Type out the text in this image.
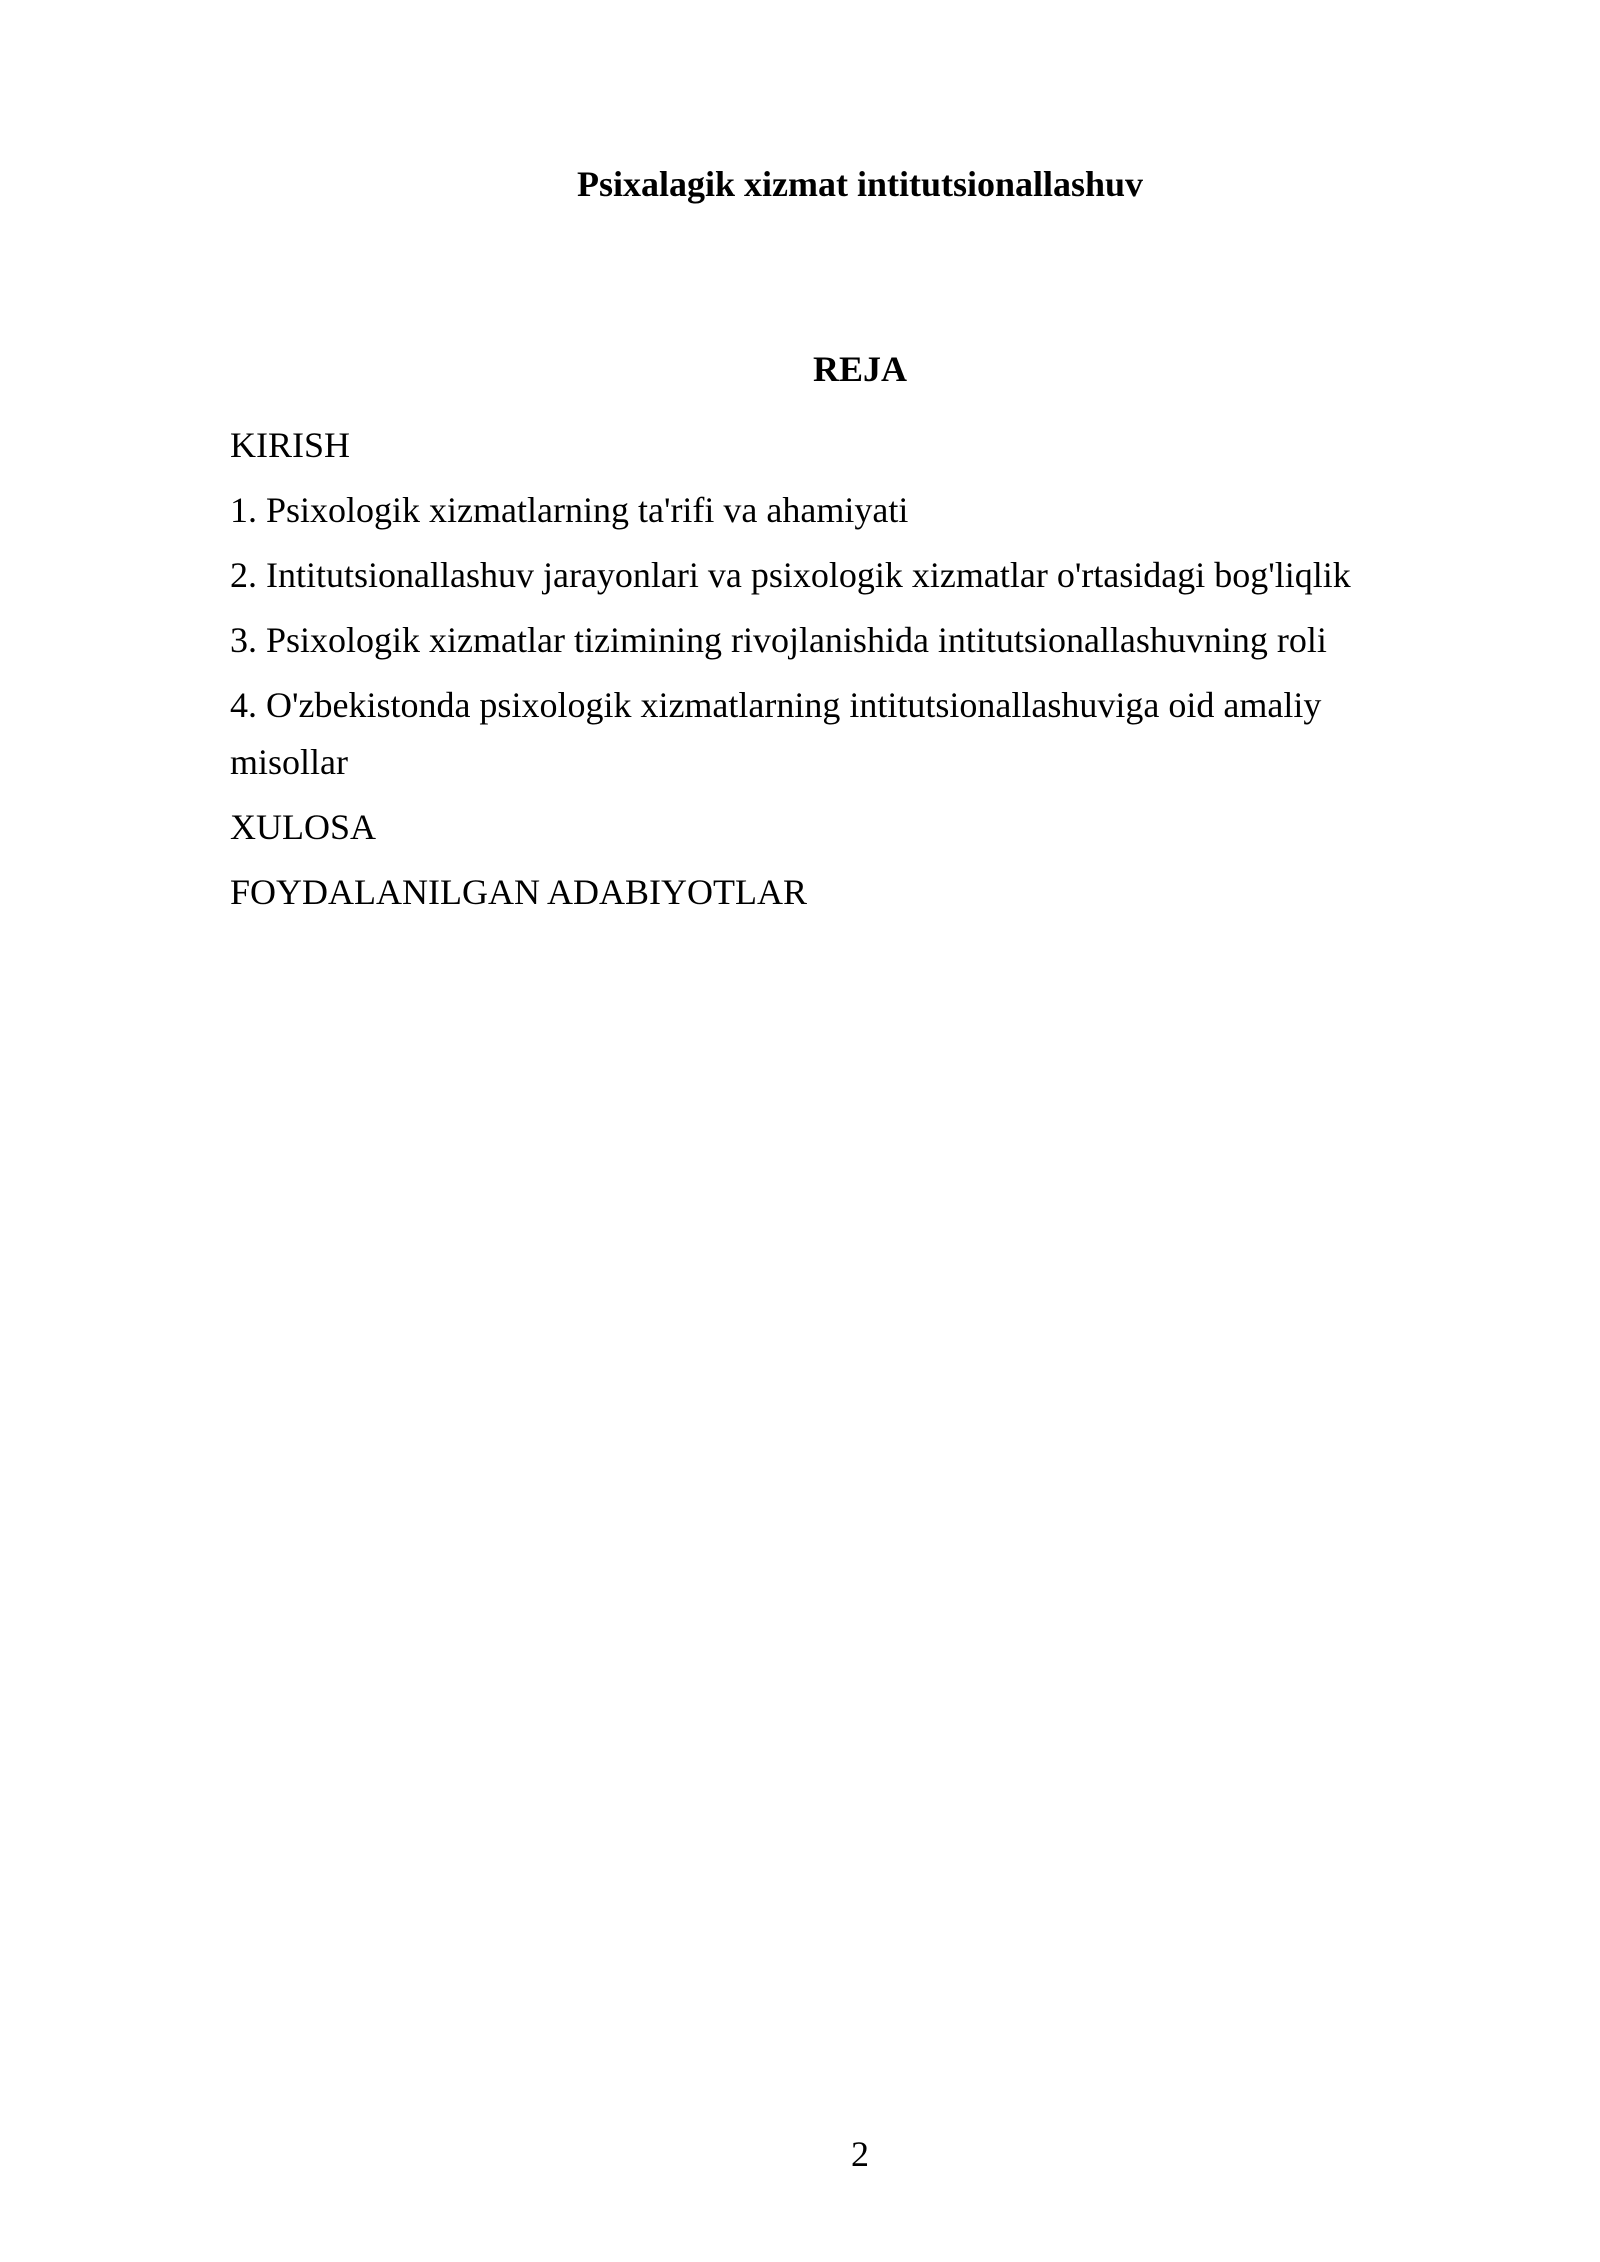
Psixalagik xizmat intitutsionallashuv
REJA
KIRISH
1. Psixologik xizmatlarning ta'rifi va ahamiyati
2. Intitutsionallashuv jarayonlari va psixologik xizmatlar o'rtasidagi bog'liqlik
3. Psixologik xizmatlar tizimining rivojlanishida intitutsionallashuvning roli
4. O'zbekistonda psixologik xizmatlarning intitutsionallashuviga oid amaliy misollar
XULOSA
FOYDALANILGAN ADABIYOTLAR
2
